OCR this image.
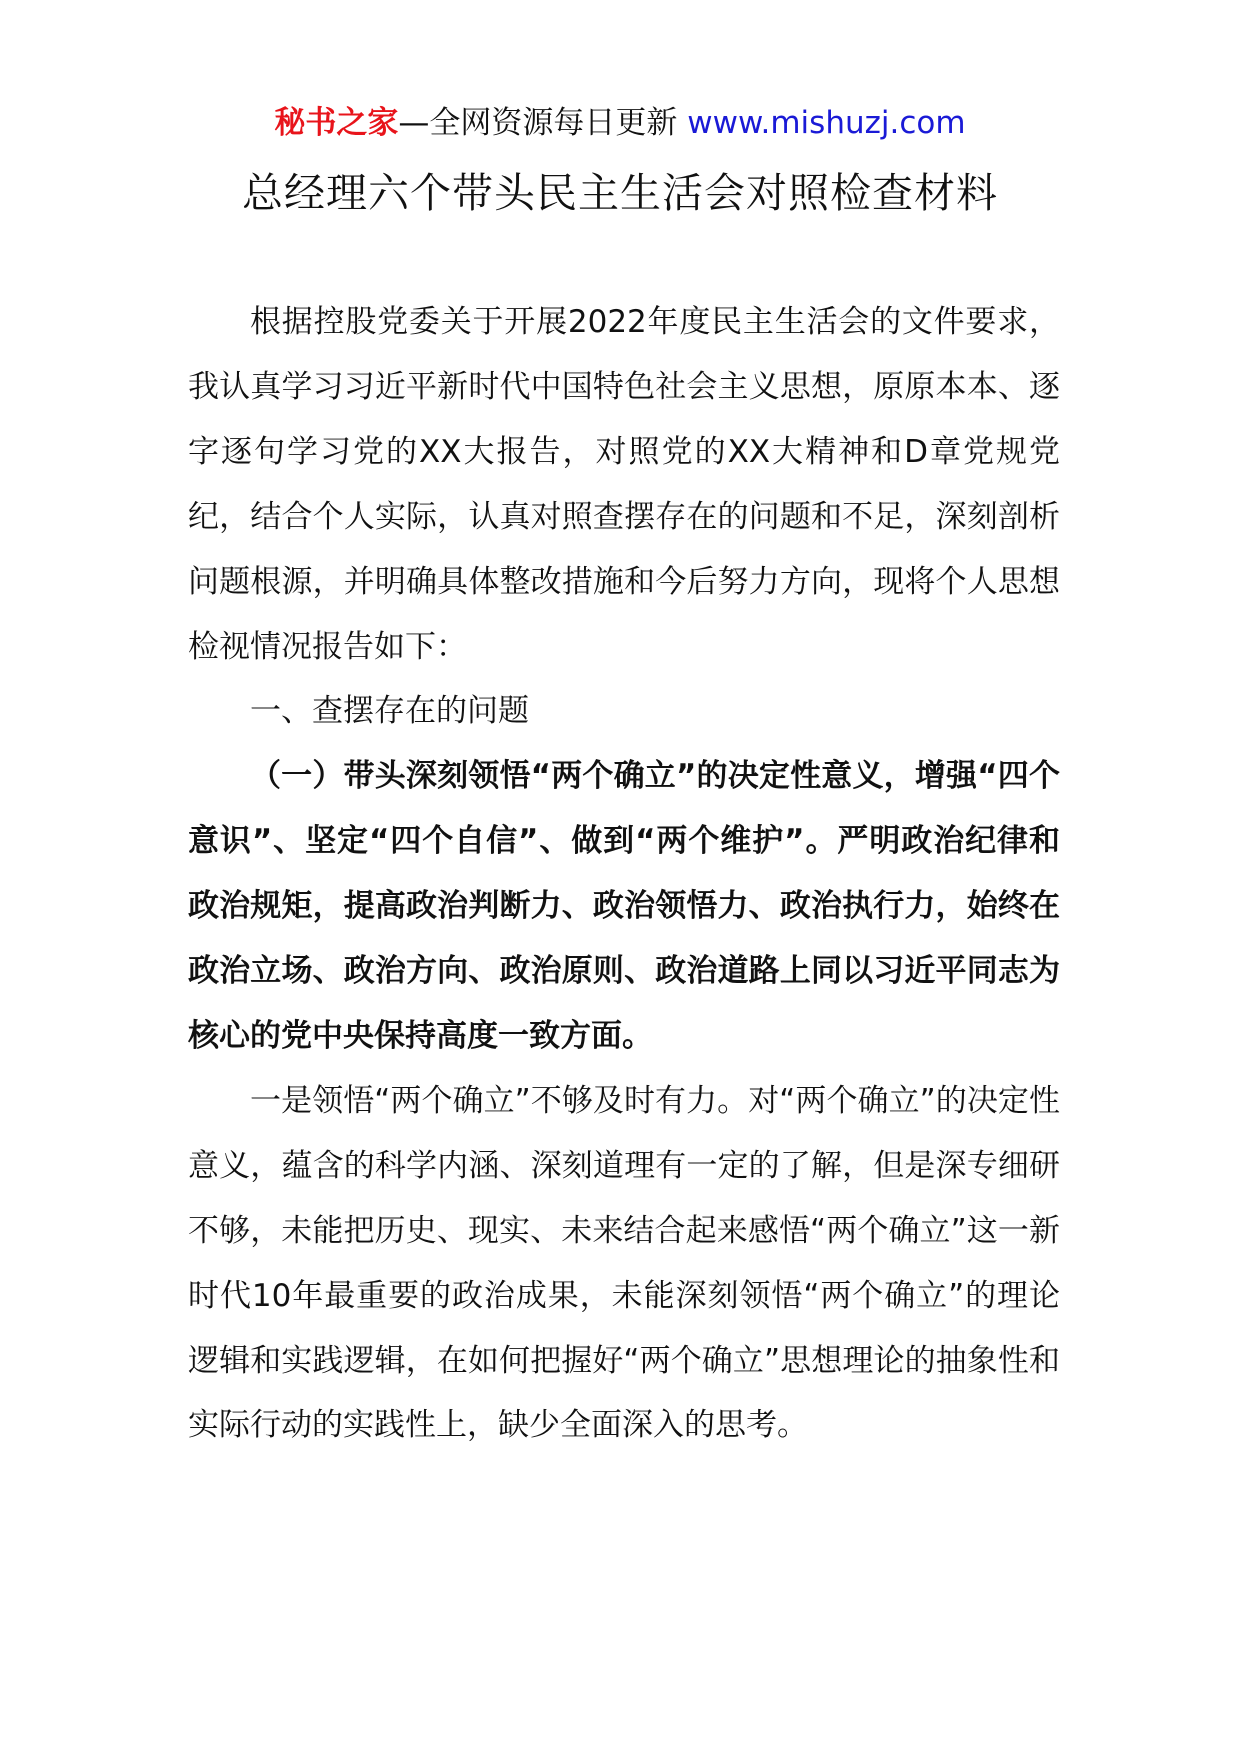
秘书之家—全网资源每日更新 www.mishuzj.com
总经理六个带头民主生活会对照检查材料

根据控股党委关于开展2022年度民主生活会的文件要求，我认真学习习近平新时代中国特色社会主义思想，原原本本、逐字逐句学习党的XX大报告，对照党的XX大精神和D章党规党纪，结合个人实际，认真对照查摆存在的问题和不足，深刻剖析问题根源，并明确具体整改措施和今后努力方向，现将个人思想检视情况报告如下：

一、查摆存在的问题

（一）带头深刻领悟“两个确立”的决定性意义，增强“四个意识”、坚定“四个自信”、做到“两个维护”。严明政治纪律和政治规矩，提高政治判断力、政治领悟力、政治执行力，始终在政治立场、政治方向、政治原则、政治道路上同以习近平同志为核心的党中央保持高度一致方面。

一是领悟“两个确立”不够及时有力。对“两个确立”的决定性意义，蕴含的科学内涵、深刻道理有一定的了解，但是深专细研不够，未能把历史、现实、未来结合起来感悟“两个确立”这一新时代10年最重要的政治成果，未能深刻领悟“两个确立”的理论逻辑和实践逻辑，在如何把握好“两个确立”思想理论的抽象性和实际行动的实践性上，缺少全面深入的思考。
